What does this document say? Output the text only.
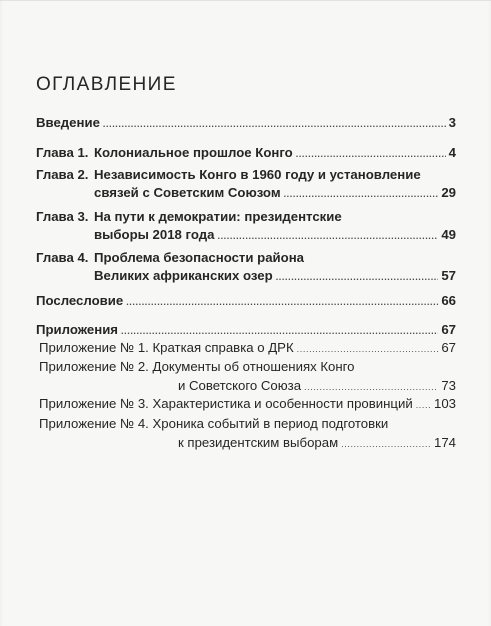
ОГЛАВЛЕНИЕ
Введение .....	3
Глава 1. Колониальное прошлое Конго .....	4
Глава 2. Независимость Конго в 1960 году и установление
связей с Советским Союзом .....	29
Глава 3. На пути к демократии: президентские
выборы 2018 года .....	49
Глава 4. Проблема безопасности района
Великих африканских озер .....	57
Послесловие .....	66
Приложения .....	67
Приложение № 1. Краткая справка о ДРК .....	67
Приложение № 2. Документы об отношениях Конго
и Советского Союза .....	73
Приложение № 3. Характеристика и особенности провинций ..... 103
Приложение № 4. Хроника событий в период подготовки
к президентским выборам .....	174
